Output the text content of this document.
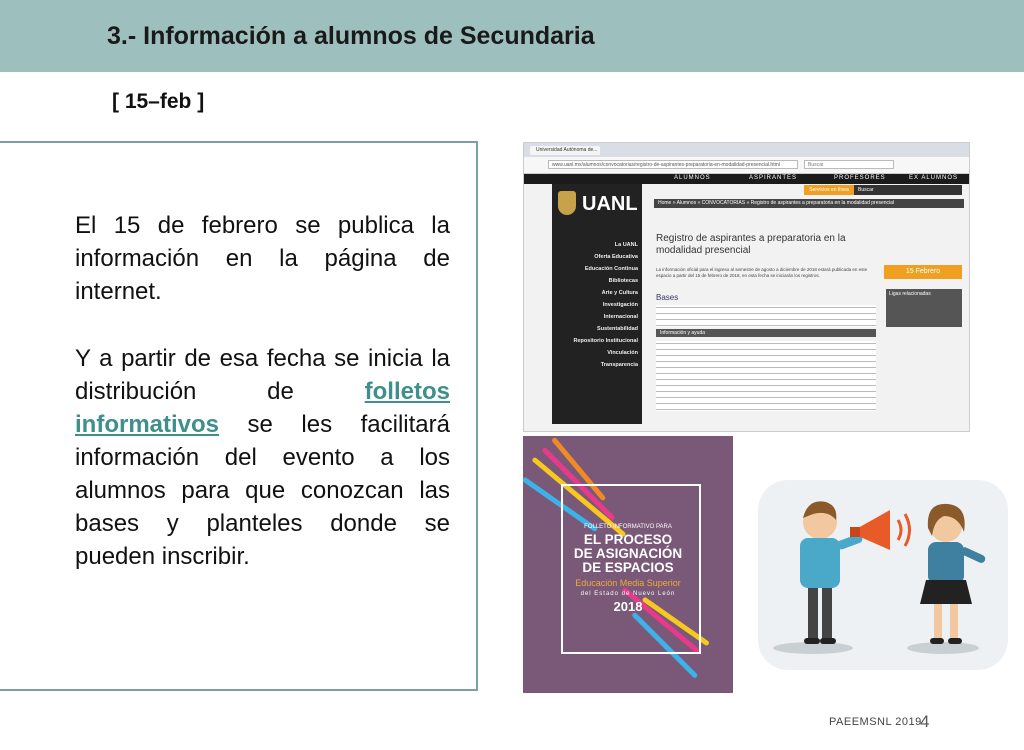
3.- Información a alumnos de Secundaria
[ 15–feb ]

El 15 de febrero se publica la información en la página de internet.

Y a partir de esa fecha se inicia la distribución de folletos informativos se les facilitará información del evento a los alumnos para que conozcan las bases y planteles donde se pueden inscribir.

Universidad Autónoma de...
www.uanl.mx/alumnos/convocatorias/registro-de-aspirantes-preparatoria-en-modalidad-presencial.html	Buscar
ALUMNOS	ASPIRANTES	PROFESORES	EX ALUMNOS
La UANL
Oferta Educativa
Educación Continua
Bibliotecas
Arte y Cultura
Investigación
Internacional
Sustentabilidad
Repositorio Institucional
Vinculación
Transparencia
UANL
Servicios en línea	Buscar
Home » Alumnos » CONVOCATORIAS » Registro de aspirantes a preparatoria en la modalidad presencial
Registro de aspirantes a preparatoria en la modalidad presencial
15 Febrero
La información oficial para el ingreso al semestre de agosto a diciembre de 2018 estará publicada en este espacio a partir del 15 de febrero de 2018, en esta fecha se iniciarán los registros.
Bases	Ligas relacionadas
Información y ayuda
FOLLETO INFORMATIVO PARA
EL PROCESO
DE ASIGNACIÓN
DE ESPACIOS
Educación Media Superior
del Estado de Nuevo León
2018
PAEEMSNL 2019
4
